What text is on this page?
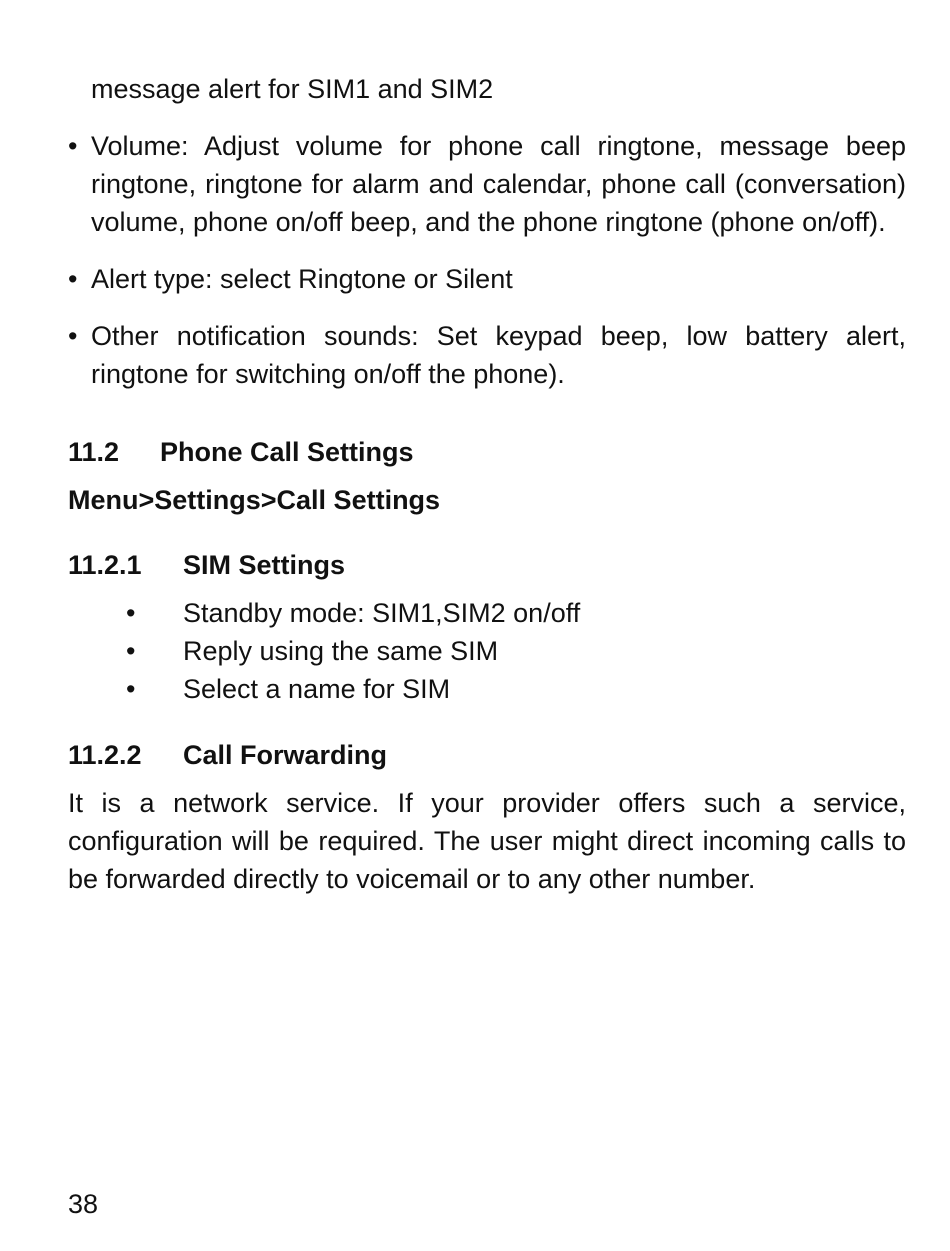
message alert for SIM1 and SIM2

• Volume: Adjust volume for phone call ringtone, message beep ringtone, ringtone for alarm and calendar, phone call (conversation) volume, phone on/off beep, and the phone ringtone (phone on/off).
• Alert type: select Ringtone or Silent
• Other notification sounds: Set keypad beep, low battery alert, ringtone for switching on/off the phone).
11.2 Phone Call Settings
Menu>Settings>Call Settings
11.2.1 SIM Settings
• Standby mode: SIM1,SIM2 on/off
• Reply using the same SIM
• Select a name for SIM
11.2.2 Call Forwarding

It is a network service. If your provider offers such a service, configuration will be required. The user might direct incoming calls to be forwarded directly to voicemail or to any other number.

38
